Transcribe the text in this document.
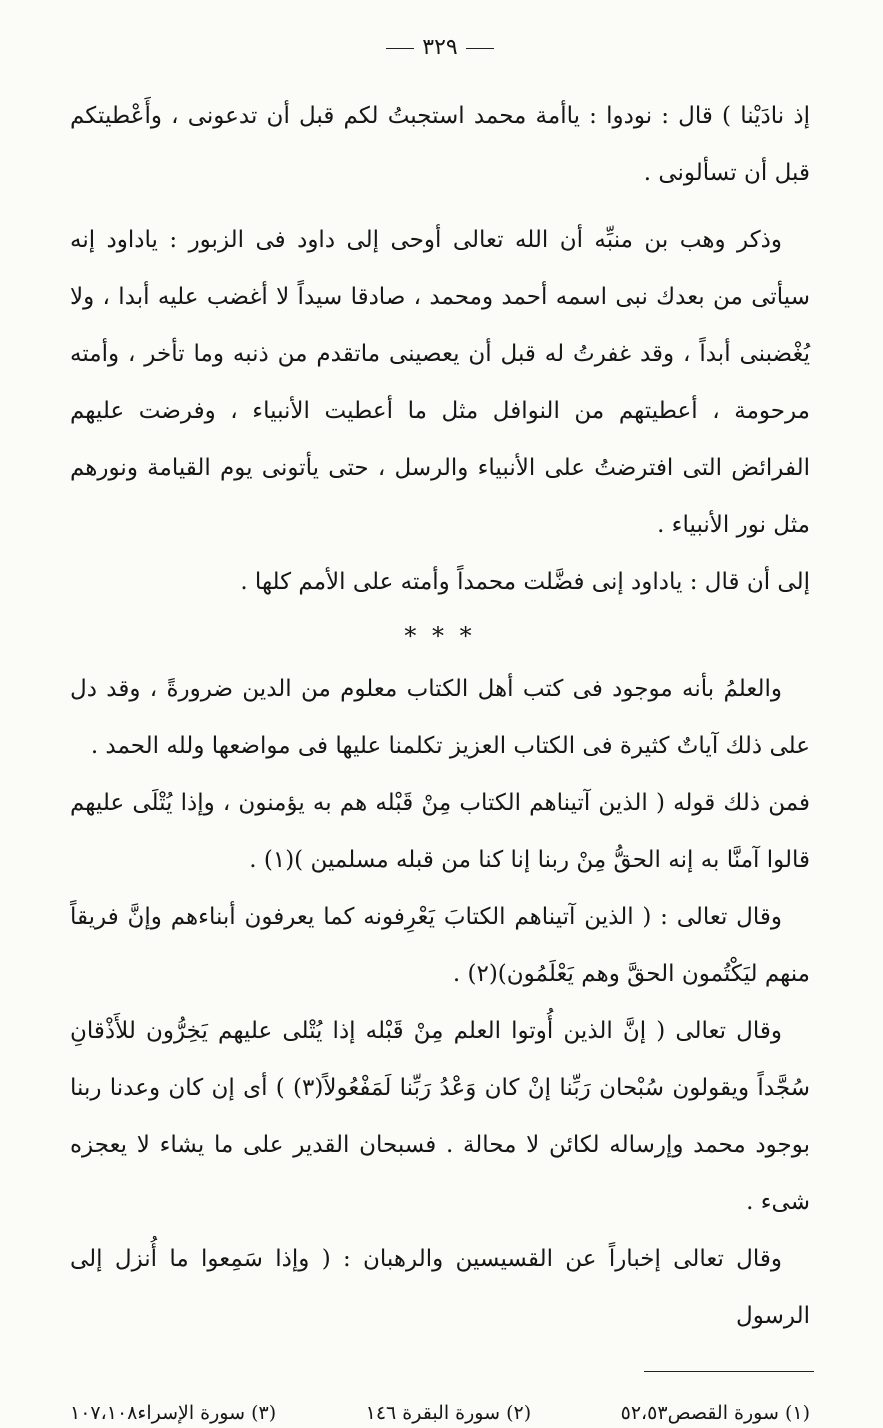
٣٢٩

إذ نادَيْنا ) قال : نودوا : ياأمة محمد استجبتُ لكم قبل أن تدعونى ، وأَعْطيتكم قبل أن تسألونى .

وذكر وهب بن منبِّه أن الله تعالى أوحى إلى داود فى الزبور : ياداود إنه سيأتى من بعدك نبى اسمه أحمد ومحمد ، صادقا سيداً لا أغضب عليه أبدا ، ولا يُغْضبنى أبداً ، وقد غفرتُ له قبل أن يعصينى ماتقدم من ذنبه وما تأخر ، وأمته مرحومة ، أعطيتهم من النوافل مثل ما أعطيت الأنبياء ، وفرضت عليهم الفرائض التى افترضتُ على الأنبياء والرسل ، حتى يأتونى يوم القيامة ونورهم مثل نور الأنبياء .

إلى أن قال : ياداود إنى فضَّلت محمداً وأمته على الأمم كلها .

* * *

والعلمُ بأنه موجود فى كتب أهل الكتاب معلوم من الدين ضرورةً ، وقد دل على ذلك آياتٌ كثيرة فى الكتاب العزيز تكلمنا عليها فى مواضعها ولله الحمد .

فمن ذلك قوله ( الذين آتيناهم الكتاب مِنْ قَبْله هم به يؤمنون ، وإذا يُتْلَى عليهم قالوا آمنَّا به إنه الحقُّ مِنْ ربنا إنا كنا من قبله مسلمين )(١) .

وقال تعالى : ( الذين آتيناهم الكتابَ يَعْرِفونه كما يعرفون أبناءهم وإنَّ فريقاً منهم ليَكْتُمون الحقَّ وهم يَعْلَمُون)(٢) .

وقال تعالى ( إنَّ الذين أُوتوا العلم مِنْ قَبْله إذا يُتْلى عليهم يَخِرُّون للأَذْقانِ سُجَّداً ويقولون سُبْحان رَبِّنا إنْ كان وَعْدُ رَبِّنا لَمَفْعُولاً(٣) ) أى إن كان وعدنا ربنا بوجود محمد وإرساله لكائن لا محالة . فسبحان القدير على ما يشاء لا يعجزه شىء .

وقال تعالى إخباراً عن القسيسين والرهبان : ( وإذا سَمِعوا ما أُنزل إلى الرسول

(١) سورة القصص٥٢،٥٣
(٢) سورة البقرة ١٤٦
(٣) سورة الإسراء١٠٧،١٠٨
